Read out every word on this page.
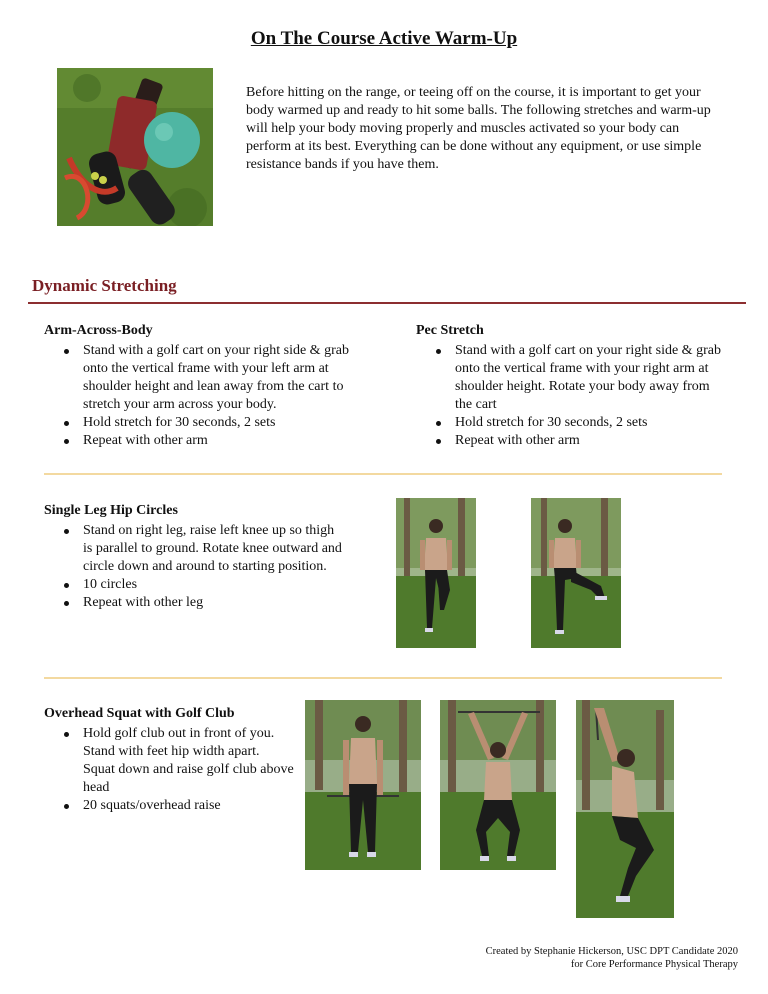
On The Course Active Warm-Up

Before hitting on the range, or teeing off on the course, it is important to get your body warmed up and ready to hit some balls. The following stretches and warm-up will help your body moving properly and muscles activated so your body can perform at its best. Everything can be done without any equipment, or use simple resistance bands if you have them.

Dynamic Stretching
Arm-Across-Body
Stand with a golf cart on your right side & grab onto the vertical frame with your left arm at shoulder height and lean away from the cart to stretch your arm across your body.
Hold stretch for 30 seconds, 2 sets
Repeat with other arm
Pec Stretch
Stand with a golf cart on your right side & grab onto the vertical frame with your right arm at shoulder height. Rotate your body away from the cart
Hold stretch for 30 seconds, 2 sets
Repeat with other arm
Single Leg Hip Circles
Stand on right leg, raise left knee up so thigh is parallel to ground. Rotate knee outward and circle down and around to starting position.
10 circles
Repeat with other leg
Overhead Squat with Golf Club
Hold golf club out in front of you. Stand with feet hip width apart. Squat down and raise golf club above head
20 squats/overhead raise
Created by Stephanie Hickerson, USC DPT Candidate 2020
for Core Performance Physical Therapy
